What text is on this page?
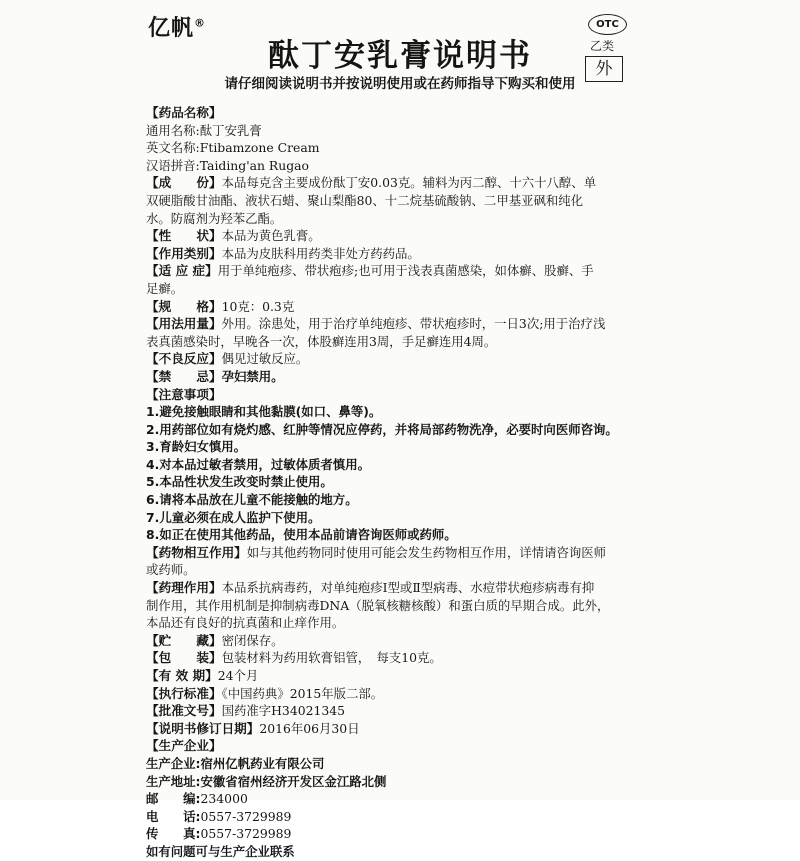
亿帆®
酞丁安乳膏说明书
请仔细阅读说明书并按说明使用或在药师指导下购买和使用
OTC
乙类
外
【药品名称】
通用名称:酞丁安乳膏
英文名称:Ftibamzone Cream
汉语拼音:Taiding'an Rugao
【成　　份】本品每克含主要成份酞丁安0.03克。辅料为丙二醇、十六十八醇、单
双硬脂酸甘油酯、液状石蜡、聚山梨酯80、十二烷基硫酸钠、二甲基亚砜和纯化
水。防腐剂为羟苯乙酯。
【性　　状】本品为黄色乳膏。
【作用类别】本品为皮肤科用药类非处方药药品。
【适 应 症】用于单纯疱疹、带状疱疹;也可用于浅表真菌感染，如体癣、股癣、手
足癣。
【规　　格】10克：0.3克
【用法用量】外用。涂患处，用于治疗单纯疱疹、带状疱疹时，一日3次;用于治疗浅
表真菌感染时，早晚各一次，体股癣连用3周，手足癣连用4周。
【不良反应】偶见过敏反应。
【禁　　忌】孕妇禁用。
【注意事项】
1.避免接触眼睛和其他黏膜(如口、鼻等)。
2.用药部位如有烧灼感、红肿等情况应停药，并将局部药物洗净，必要时向医师咨询。
3.育龄妇女慎用。
4.对本品过敏者禁用，过敏体质者慎用。
5.本品性状发生改变时禁止使用。
6.请将本品放在儿童不能接触的地方。
7.儿童必须在成人监护下使用。
8.如正在使用其他药品，使用本品前请咨询医师或药师。
【药物相互作用】如与其他药物同时使用可能会发生药物相互作用，详情请咨询医师
或药师。
【药理作用】本品系抗病毒药，对单纯疱疹Ⅰ型或Ⅱ型病毒、水痘带状疱疹病毒有抑
制作用，其作用机制是抑制病毒DNA（脱氧核糖核酸）和蛋白质的早期合成。此外，
本品还有良好的抗真菌和止痒作用。
【贮　　藏】密闭保存。
【包　　装】包装材料为药用软膏铝管，　每支10克。
【有 效 期】24个月
【执行标准】《中国药典》2015年版二部。
【批准文号】国药准字H34021345
【说明书修订日期】2016年06月30日
【生产企业】
生产企业:宿州亿帆药业有限公司
生产地址:安徽省宿州经济开发区金江路北侧
邮　　编:234000
电　　话:0557-3729989
传　　真:0557-3729989
如有问题可与生产企业联系
